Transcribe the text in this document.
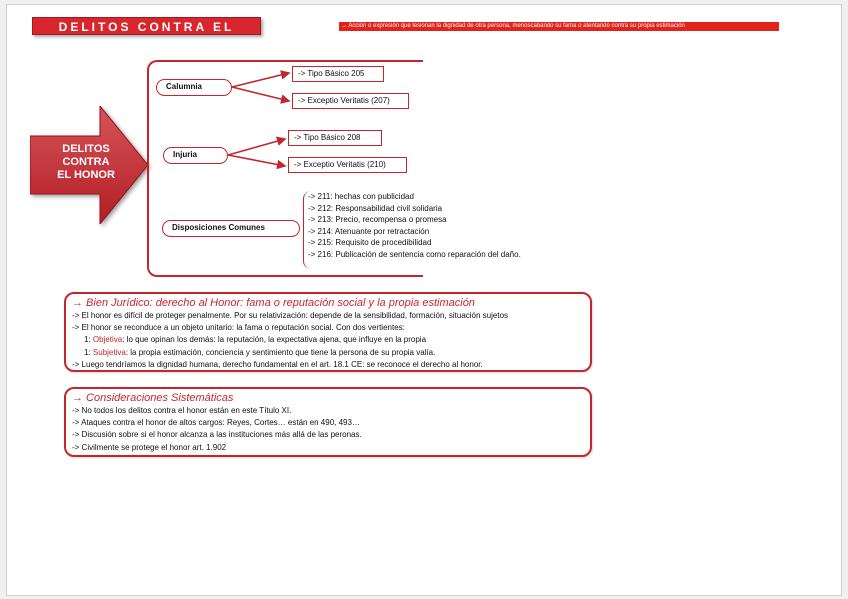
DELITOS CONTRA EL HONOR
→ Acción o expresión que lesionan la dignidad de otra persona, menoscabando su fama o atentando contra su propia estimación
DELITOS
CONTRA
EL HONOR
Calumnia
-> Tipo Básico 205
-> Exceptio Veritatis (207)
Injuria
-> Tipo Básico 208
-> Exceptio Veritatis (210)
Disposiciones Comunes
-> 211: hechas con publicidad
-> 212: Responsabilidad civil solidaria
-> 213: Precio, recompensa o promesa
-> 214: Atenuante por retractación
-> 215: Requisito de procedibilidad
-> 216: Publicación de sentencia como reparación del daño.
→ Bien Jurídico: derecho al Honor: fama o reputación social y la propia estimación
-> El honor es difícil de proteger penalmente. Por su relativización: depende de la sensibilidad, formación, situación sujetos
-> El honor se reconduce a un objeto unitario: la fama o reputación social. Con dos vertientes:
1: Objetiva: lo que opinan los demás: la reputación, la expectativa ajena, que influye en la propia
1: Subjetiva: la propia estimación, conciencia y sentimiento que tiene la persona de su propia valía.
-> Luego tendríamos la dignidad humana, derecho fundamental en el art. 18.1 CE: se reconoce el derecho al honor.
→ Consideraciones Sistemáticas
-> No todos los delitos contra el honor están en este Título XI.
-> Ataques contra el honor de altos cargos: Reyes, Cortes… están en 490, 493…
-> Discusión sobre si el honor alcanza a las instituciones más allá de las peronas.
-> Civilmente se protege el honor art. 1.902
